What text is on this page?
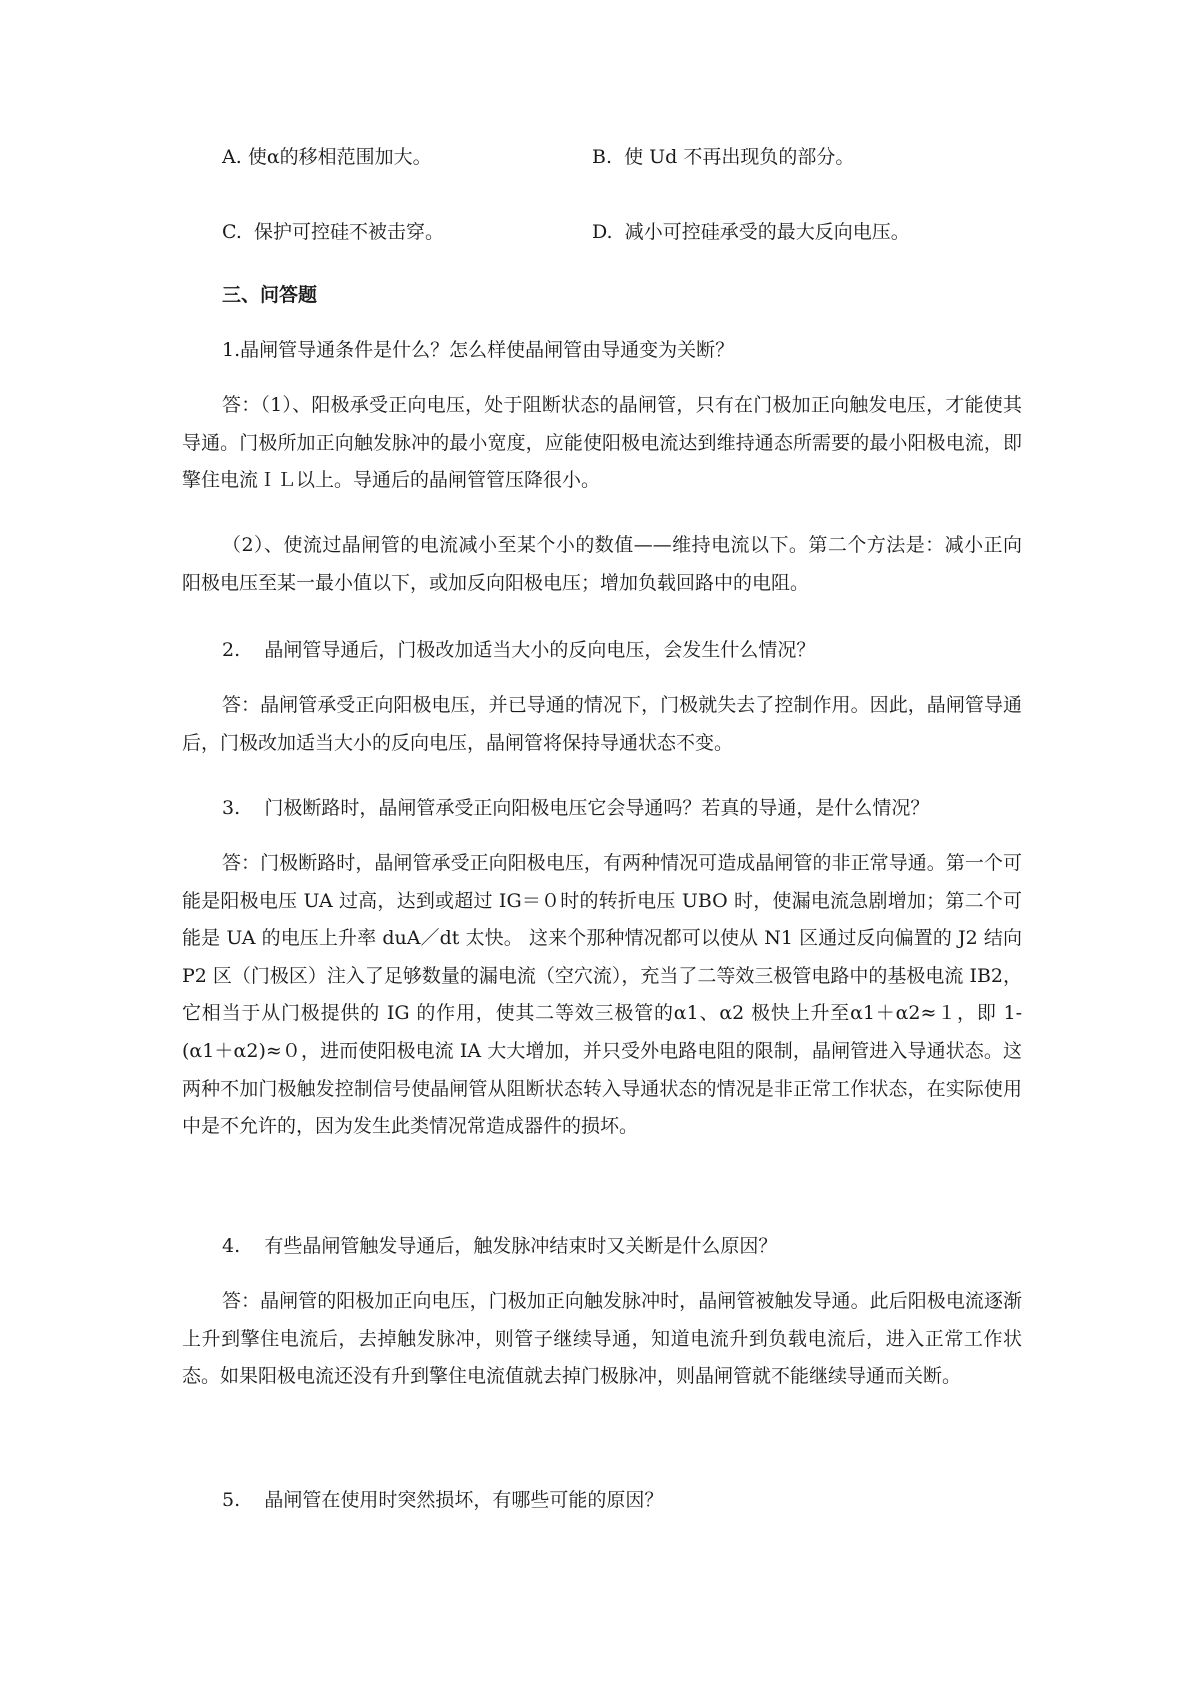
A. 使α的移相范围加大。	B. 使 Ud 不再出现负的部分。
C. 保护可控硅不被击穿。	D. 减小可控硅承受的最大反向电压。
三、问答题
1.晶闸管导通条件是什么？怎么样使晶闸管由导通变为关断？

答：（1）、阳极承受正向电压，处于阻断状态的晶闸管，只有在门极加正向触发电压，才能使其导通。门极所加正向触发脉冲的最小宽度，应能使阳极电流达到维持通态所需要的最小阳极电流，即擎住电流ＩＬ以上。导通后的晶闸管管压降很小。

（2）、使流过晶闸管的电流减小至某个小的数值——维持电流以下。第二个方法是：减小正向阳极电压至某一最小值以下，或加反向阳极电压；增加负载回路中的电阻。

2. 晶闸管导通后，门极改加适当大小的反向电压，会发生什么情况？

答：晶闸管承受正向阳极电压，并已导通的情况下，门极就失去了控制作用。因此，晶闸管导通后，门极改加适当大小的反向电压，晶闸管将保持导通状态不变。

3. 门极断路时，晶闸管承受正向阳极电压它会导通吗？若真的导通，是什么情况？

答：门极断路时，晶闸管承受正向阳极电压，有两种情况可造成晶闸管的非正常导通。第一个可能是阳极电压 UA 过高，达到或超过 IG＝０时的转折电压 UBO 时，使漏电流急剧增加；第二个可能是 UA 的电压上升率 duA／dt 太快。 这来个那种情况都可以使从 N1 区通过反向偏置的 J2 结向 P2 区（门极区）注入了足够数量的漏电流（空穴流），充当了二等效三极管电路中的基极电流 IB2，它相当于从门极提供的 IG 的作用，使其二等效三极管的α1、α2 极快上升至α1＋α2≈１，即 1-(α1＋α2)≈０，进而使阳极电流 IA 大大增加，并只受外电路电阻的限制，晶闸管进入导通状态。这两种不加门极触发控制信号使晶闸管从阻断状态转入导通状态的情况是非正常工作状态，在实际使用中是不允许的，因为发生此类情况常造成器件的损坏。

4. 有些晶闸管触发导通后，触发脉冲结束时又关断是什么原因？

答：晶闸管的阳极加正向电压，门极加正向触发脉冲时，晶闸管被触发导通。此后阳极电流逐渐上升到擎住电流后，去掉触发脉冲，则管子继续导通，知道电流升到负载电流后，进入正常工作状态。如果阳极电流还没有升到擎住电流值就去掉门极脉冲，则晶闸管就不能继续导通而关断。

5. 晶闸管在使用时突然损坏，有哪些可能的原因？
